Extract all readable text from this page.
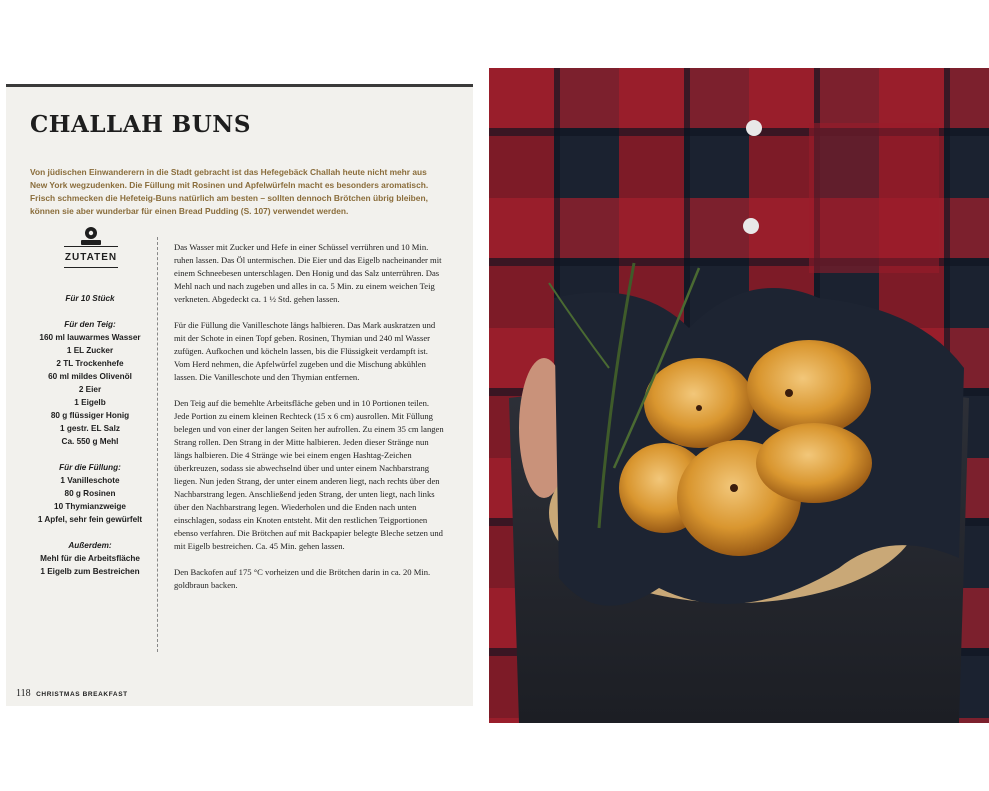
CHALLAH BUNS

Von jüdischen Einwanderern in die Stadt gebracht ist das Hefegebäck Challah heute nicht mehr aus New York wegzudenken. Die Füllung mit Rosinen und Apfelwürfeln macht es besonders aromatisch. Frisch schmecken die Hefeteig-Buns natürlich am besten – sollten dennoch Brötchen übrig bleiben, können sie aber wunderbar für einen Bread Pudding (S. 107) verwendet werden.

ZUTATEN
Für 10 Stück
Für den Teig:
160 ml lauwarmes Wasser
1 EL Zucker
2 TL Trockenhefe
60 ml mildes Olivenöl
2 Eier
1 Eigelb
80 g flüssiger Honig
1 gestr. EL Salz
Ca. 550 g Mehl
Für die Füllung:
1 Vanilleschote
80 g Rosinen
10 Thymianzweige
1 Apfel, sehr fein gewürfelt
Außerdem:
Mehl für die Arbeitsfläche
1 Eigelb zum Bestreichen

Das Wasser mit Zucker und Hefe in einer Schüssel verrühren und 10 Min. ruhen lassen. Das Öl untermischen. Die Eier und das Eigelb nacheinander mit einem Schneebesen unterschlagen. Den Honig und das Salz unterrühren. Das Mehl nach und nach zugeben und alles in ca. 5 Min. zu einem weichen Teig verkneten. Abgedeckt ca. 1 ½ Std. gehen lassen.

Für die Füllung die Vanilleschote längs halbieren. Das Mark auskratzen und mit der Schote in einen Topf geben. Rosinen, Thymian und 240 ml Wasser zufügen. Aufkochen und köcheln lassen, bis die Flüssigkeit verdampft ist. Vom Herd nehmen, die Apfelwürfel zugeben und die Mischung abkühlen lassen. Die Vanilleschote und den Thymian entfernen.

Den Teig auf die bemehlte Arbeitsfläche geben und in 10 Portionen teilen. Jede Portion zu einem kleinen Rechteck (15 x 6 cm) ausrollen. Mit Füllung belegen und von einer der langen Seiten her aufrollen. Zu einem 35 cm langen Strang rollen. Den Strang in der Mitte halbieren. Jeden dieser Stränge nun längs halbieren. Die 4 Stränge wie bei einem engen Hashtag-Zeichen überkreuzen, sodass sie abwechselnd über und unter einem Nachbarstrang liegen. Nun jeden Strang, der unter einem anderen liegt, nach rechts über den Nachbarstrang legen. Anschließend jeden Strang, der unten liegt, nach links über den Nachbarstrang legen. Wiederholen und die Enden nach unten einschlagen, sodass ein Knoten entsteht. Mit den restlichen Teigportionen ebenso verfahren. Die Brötchen auf mit Backpapier belegte Bleche setzen und mit Eigelb bestreichen. Ca. 45 Min. gehen lassen.

Den Backofen auf 175 °C vorheizen und die Brötchen darin in ca. 20 Min. goldbraun backen.

118 CHRISTMAS BREAKFAST
